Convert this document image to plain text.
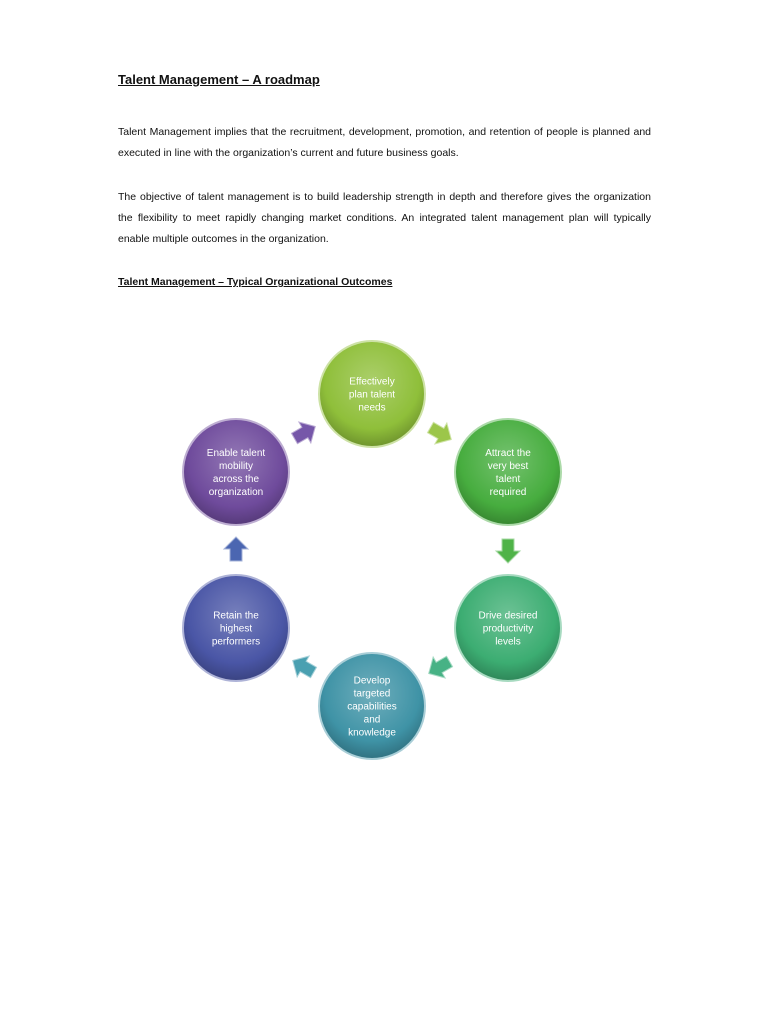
Talent Management – A roadmap

Talent Management implies that the recruitment, development, promotion, and retention of people is planned and executed in line with the organization’s current and future business goals.

The objective of talent management is to build leadership strength in depth and therefore gives the organization the flexibility to meet rapidly changing market conditions. An integrated talent management plan will typically enable multiple outcomes in the organization.

Talent Management – Typical Organizational Outcomes
Effectively
plan talent
needs
Attract the
very best
talent
required
Drive desired
productivity
levels
Develop
targeted
capabilities
and
knowledge
Retain the
highest
performers
Enable talent
mobility
across the
organization
